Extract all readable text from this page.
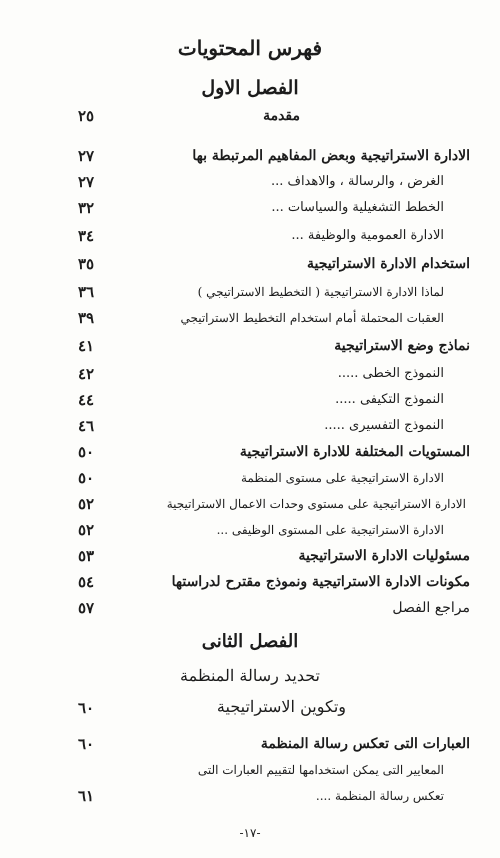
فهرس المحتويات
الفصل الاول
مقدمة
٢٥
الادارة الاستراتيجية وبعض المفاهيم المرتبطة بها
٢٧
الغرض ، والرسالة ، والاهداف ...
٢٧
الخطط التشغيلية والسياسات ...
٣٢
الادارة العمومية والوظيفة ...
٣٤
استخدام الادارة الاستراتيجية
٣٥
لماذا الادارة الاستراتيجية ( التخطيط الاستراتيجي )
٣٦
العقبات المحتملة أمام استخدام التخطيط الاستراتيجي
٣٩
نماذج وضع الاستراتيجية
٤١
النموذج الخطى .....
٤٢
النموذج التكيفى .....
٤٤
النموذج التفسيرى .....
٤٦
المستويات المختلفة للادارة الاستراتيجية
٥٠
الادارة الاستراتيجية على مستوى المنظمة
٥٠
الادارة الاستراتيجية على مستوى وحدات الاعمال الاستراتيجية
٥٢
الادارة الاستراتيجية على المستوى الوظيفى ...
٥٢
مسئوليات الادارة الاستراتيجية
٥٣
مكونات الادارة الاستراتيجية ونموذج مقترح لدراستها
٥٤
مراجع الفصل
٥٧
الفصل الثانى
تحديد رسالة المنظمة
وتكوين الاستراتيجية
٦٠
العبارات التى تعكس رسالة المنظمة
٦٠
المعايير التى يمكن استخدامها لتقييم العبارات التى
تعكس رسالة المنظمة ....
٦١
-١٧-
